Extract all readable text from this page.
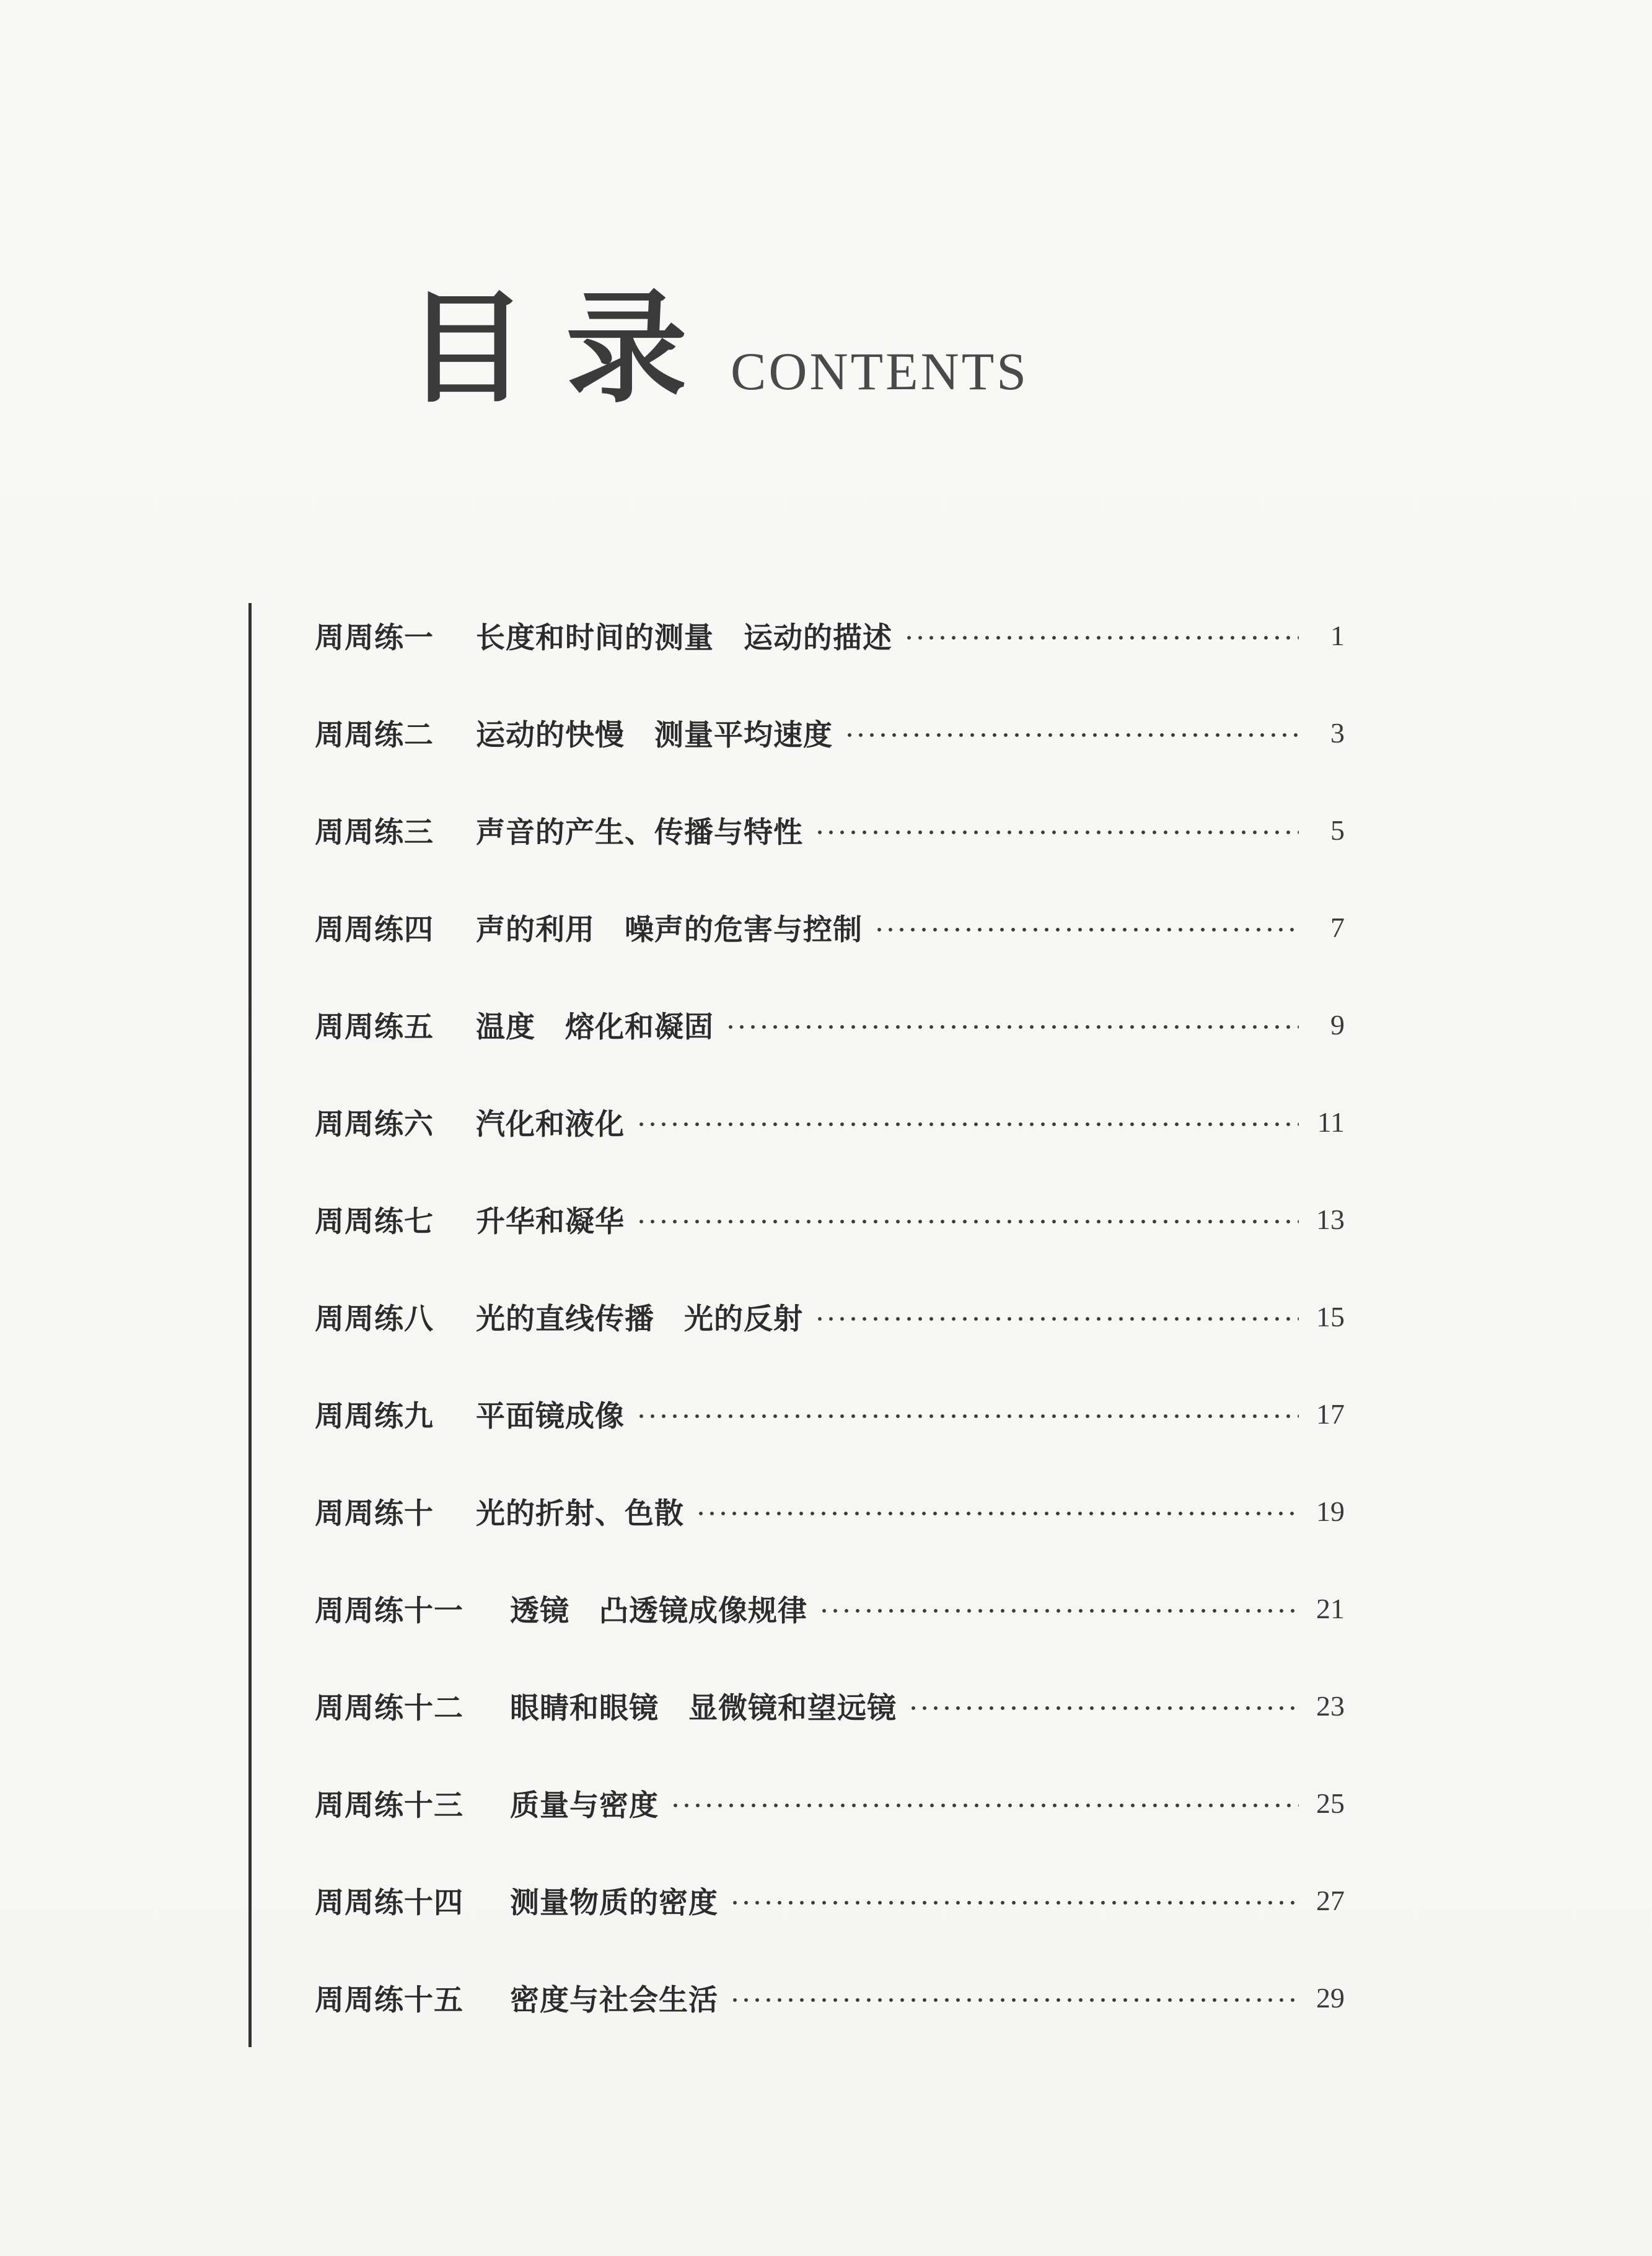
目录 CONTENTS
周周练一	长度和时间的测量　运动的描述	1
周周练二	运动的快慢　测量平均速度	3
周周练三	声音的产生、传播与特性	5
周周练四	声的利用　噪声的危害与控制	7
周周练五	温度　熔化和凝固	9
周周练六	汽化和液化	11
周周练七	升华和凝华	13
周周练八	光的直线传播　光的反射	15
周周练九	平面镜成像	17
周周练十	光的折射、色散	19
周周练十一	透镜　凸透镜成像规律	21
周周练十二	眼睛和眼镜　显微镜和望远镜	23
周周练十三	质量与密度	25
周周练十四	测量物质的密度	27
周周练十五	密度与社会生活	29
